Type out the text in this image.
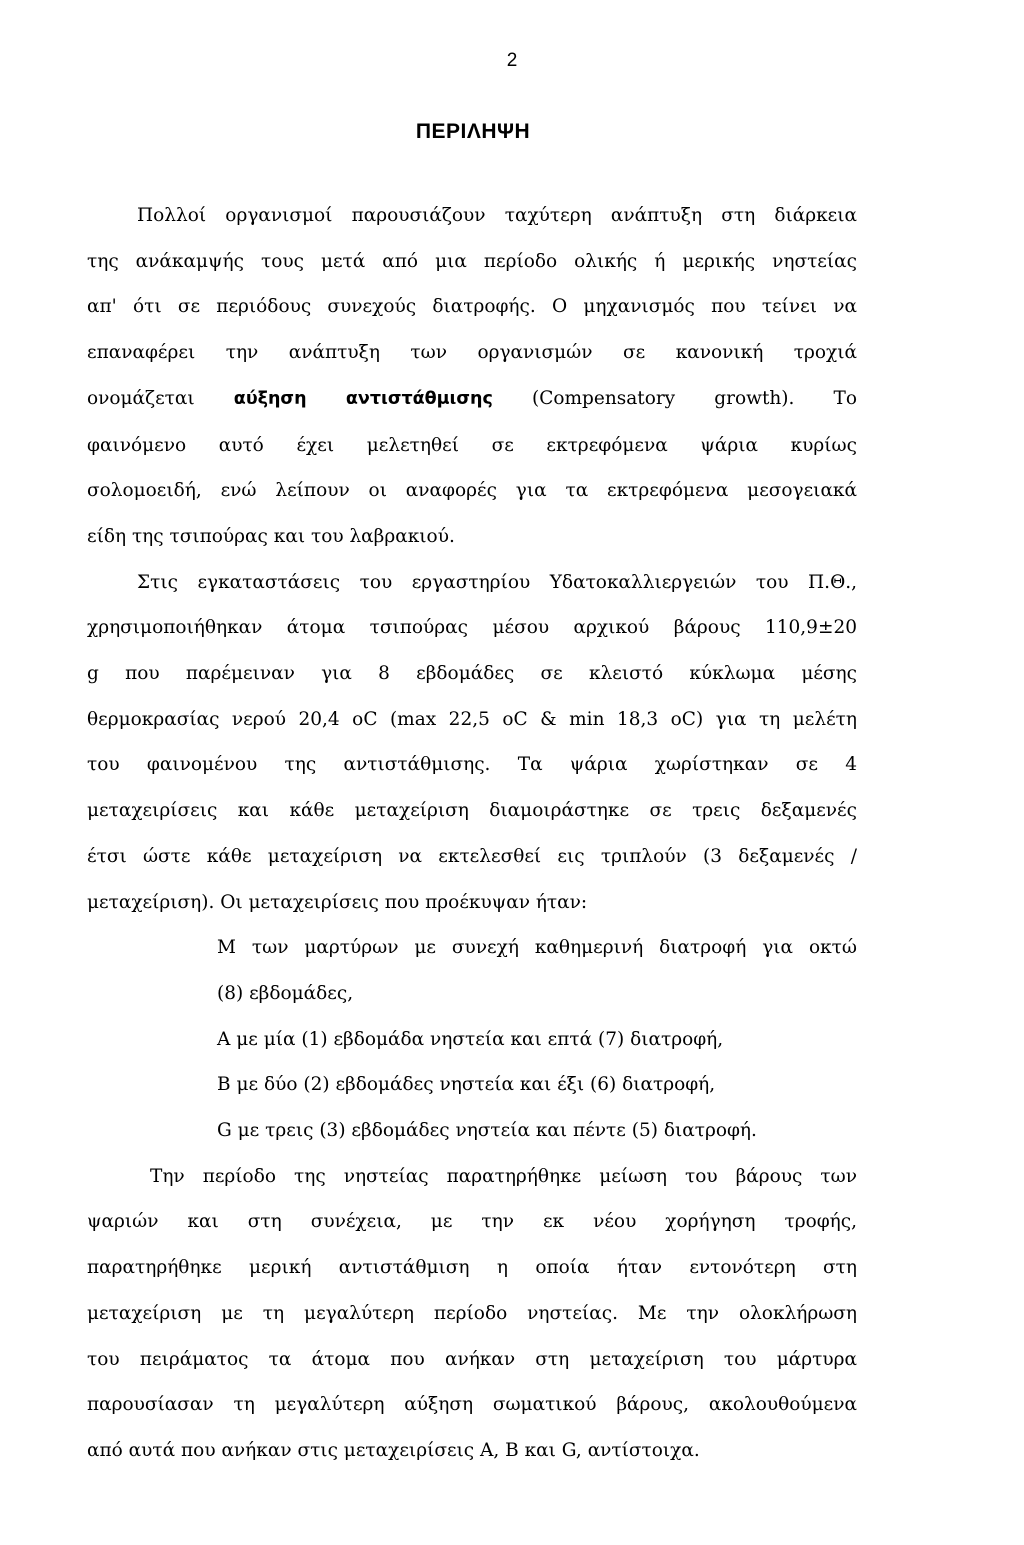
2
ΠΕΡΙΛΗΨΗ
Πολλοί οργανισμοί παρουσιάζουν ταχύτερη ανάπτυξη στη διάρκεια
της ανάκαμψής τους μετά από μια περίοδο ολικής ή μερικής νηστείας
απ' ότι σε περιόδους συνεχούς διατροφής. Ο μηχανισμός που τείνει να
επαναφέρει την ανάπτυξη των οργανισμών σε κανονική τροχιά
ονομάζεται αύξηση αντιστάθμισης (Compensatory growth). Το
φαινόμενο αυτό έχει μελετηθεί σε εκτρεφόμενα ψάρια κυρίως
σολομοειδή, ενώ λείπουν οι αναφορές για τα εκτρεφόμενα μεσογειακά
είδη της τσιπούρας και του λαβρακιού.
Στις εγκαταστάσεις του εργαστηρίου Υδατοκαλλιεργειών του Π.Θ.,
χρησιμοποιήθηκαν άτομα τσιπούρας μέσου αρχικού βάρους 110,9±20
g που παρέμειναν για 8 εβδομάδες σε κλειστό κύκλωμα μέσης
θερμοκρασίας νερού 20,4 οC (max 22,5 οC & min 18,3 οC) για τη μελέτη
του φαινομένου της αντιστάθμισης. Τα ψάρια χωρίστηκαν σε 4
μεταχειρίσεις και κάθε μεταχείριση διαμοιράστηκε σε τρεις δεξαμενές
έτσι ώστε κάθε μεταχείριση να εκτελεσθεί εις τριπλούν (3 δεξαμενές /
μεταχείριση). Οι μεταχειρίσεις που προέκυψαν ήταν:
Μ των μαρτύρων με συνεχή καθημερινή διατροφή για οκτώ
(8) εβδομάδες,
Α με μία (1) εβδομάδα νηστεία και επτά (7) διατροφή,
Β με δύο (2) εβδομάδες νηστεία και έξι (6) διατροφή,
G με τρεις (3) εβδομάδες νηστεία και πέντε (5) διατροφή.
Την περίοδο της νηστείας παρατηρήθηκε μείωση του βάρους των
ψαριών και στη συνέχεια, με την εκ νέου χορήγηση τροφής,
παρατηρήθηκε μερική αντιστάθμιση η οποία ήταν εντονότερη στη
μεταχείριση με τη μεγαλύτερη περίοδο νηστείας. Με την ολοκλήρωση
του πειράματος τα άτομα που ανήκαν στη μεταχείριση του μάρτυρα
παρουσίασαν τη μεγαλύτερη αύξηση σωματικού βάρους, ακολουθούμενα
από αυτά που ανήκαν στις μεταχειρίσεις Α, Β και G, αντίστοιχα.
